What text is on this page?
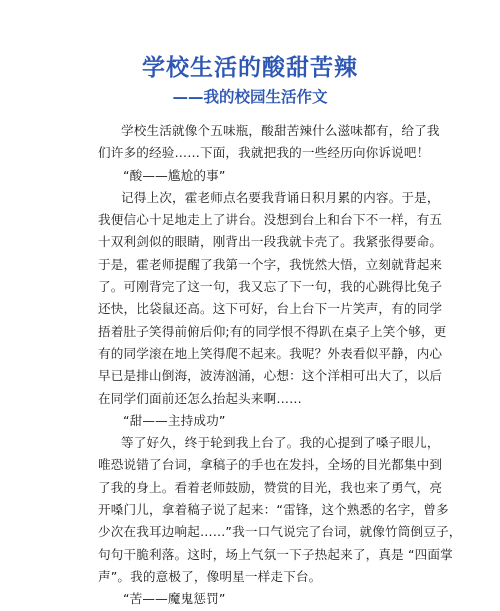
学校生活的酸甜苦辣
——我的校园生活作文
学校生活就像个五味瓶，酸甜苦辣什么滋味都有，给了我
们许多的经验……下面，我就把我的一些经历向你诉说吧！
“酸——尴尬的事”
记得上次，霍老师点名要我背诵日积月累的内容。于是，
我便信心十足地走上了讲台。没想到台上和台下不一样，有五
十双利剑似的眼睛，刚背出一段我就卡壳了。我紧张得要命。
于是，霍老师提醒了我第一个字，我恍然大悟，立刻就背起来
了。可刚背完了这一句，我又忘了下一句，我的心跳得比兔子
还快，比袋鼠还高。这下可好，台上台下一片笑声，有的同学
捂着肚子笑得前俯后仰;有的同学恨不得趴在桌子上笑个够，更
有的同学滚在地上笑得爬不起来。我呢？外表看似平静，内心
早已是排山倒海，波涛汹涌，心想：这个洋相可出大了，以后
在同学们面前还怎么抬起头来啊……
“甜——主持成功”
等了好久，终于轮到我上台了。我的心提到了嗓子眼儿，
唯恐说错了台词，拿稿子的手也在发抖，全场的目光都集中到
了我的身上。看着老师鼓励，赞赏的目光，我也来了勇气，亮
开嗓门儿，拿着稿子说了起来：“雷锋，这个熟悉的名字，曾多
少次在我耳边响起……”我一口气说完了台词，就像竹筒倒豆子，
句句干脆利落。这时，场上气氛一下子热起来了，真是 “四面掌
声”。我的意极了，像明星一样走下台。
“苦——魔鬼惩罚”
